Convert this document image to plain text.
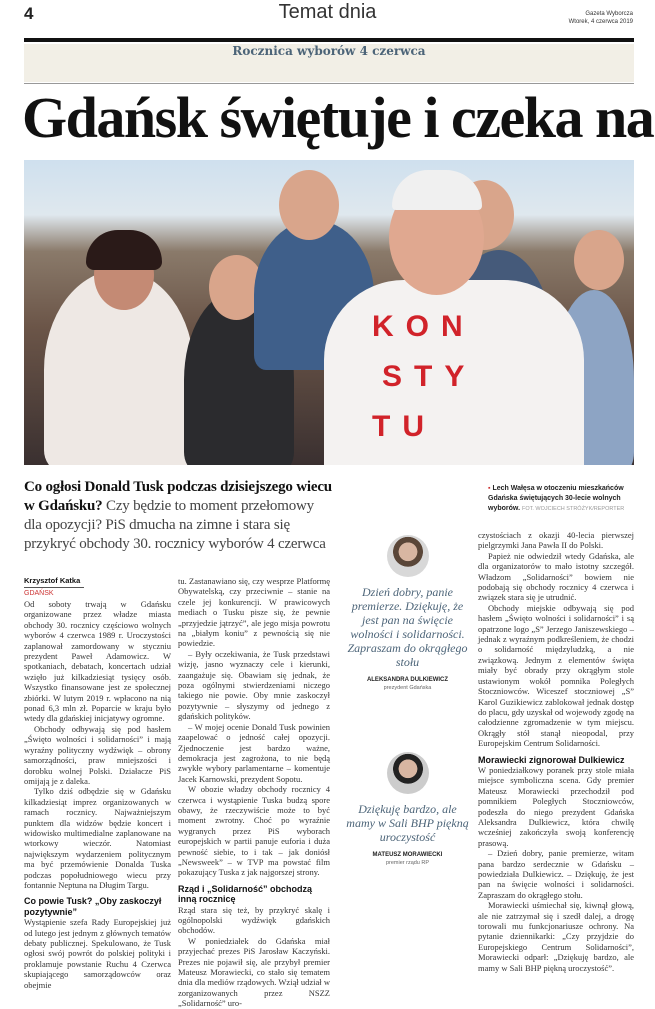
4	Temat dnia	Gazeta Wyborcza
Wtorek, 4 czerwca 2019
Rocznica wyborów 4 czerwca
Gdańsk świętuje i czeka na
KON
STY
TU
Co ogłosi Donald Tusk podczas dzisiejszego wiecu w Gdańsku? Czy będzie to moment przełomowy dla opozycji? PiS dmucha na zimne i stara się przykryć obchody 30. rocznicy wyborów 4 czerwca
▪ Lech Wałęsa w otoczeniu mieszkańców Gdańska świętujących 30-lecie wolnych wyborów. FOT. WOJCIECH STRÓŻYK/REPORTER
Krzysztof Katka
GDAŃSK

Od soboty trwają w Gdańsku organizowane przez władze miasta obchody 30. rocznicy częściowo wolnych wyborów 4 czerwca 1989 r. Uroczystości zaplanował zamordowany w styczniu prezydent Paweł Adamowicz. W spotkaniach, debatach, koncertach udział wzięło już kilkadziesiąt tysięcy osób. Wszystko finansowane jest ze społecznej zbiórki. W lutym 2019 r. wpłacono na nią ponad 6,3 mln zł. Poparcie w kraju było wtedy dla gdańskiej inicjatywy ogromne.

Obchody odbywają się pod hasłem „Święto wolności i solidarności” i mają wyraźny polityczny wydźwięk – obrony samorządności, praw mniejszości i dorobku wolnej Polski. Działacze PiS omijają je z daleka.

Tylko dziś odbędzie się w Gdańsku kilkadziesiąt imprez organizowanych w ramach rocznicy. Najważniejszym punktem dla widzów będzie koncert i widowisko multimedialne zaplanowane na wtorkowy wieczór. Natomiast największym wydarzeniem politycznym ma być przemówienie Donalda Tuska podczas popołudniowego wiecu przy fontannie Neptuna na Długim Targu.

Co powie Tusk? „Oby zaskoczył pozytywnie”

Wystąpienie szefa Rady Europejskiej już od lutego jest jednym z głównych tematów debaty publicznej. Spekulowano, że Tusk ogłosi swój powrót do polskiej polityki i proklamuje powstanie Ruchu 4 Czerwca skupiającego samorządowców oraz obejmie

tu. Zastanawiano się, czy wesprze Platformę Obywatelską, czy przeciwnie – stanie na czele jej konkurencji. W prawicowych mediach o Tusku pisze się, że pewnie „przyjedzie jątrzyć”, ale jego misja powrotu na „białym koniu” z pewnością się nie powiedzie.

– Były oczekiwania, że Tusk przedstawi wizję, jasno wyznaczy cele i kierunki, zaangażuje się. Obawiam się jednak, że poza ogólnymi stwierdzeniami niczego takiego nie powie. Oby mnie zaskoczył pozytywnie – słyszymy od jednego z gdańskich polityków.

– W mojej ocenie Donald Tusk powinien zaapelować o jedność całej opozycji. Zjednoczenie jest bardzo ważne, demokracja jest zagrożona, to nie będą zwykłe wybory parlamentarne – komentuje Jacek Karnowski, prezydent Sopotu.

W obozie władzy obchody rocznicy 4 czerwca i wystąpienie Tuska budzą spore obawy, że rzeczywiście może to być moment zwrotny. Choć po wyraźnie wygranych przez PiS wyborach europejskich w partii panuje euforia i duża pewność siebie, to i tak – jak doniósł „Newsweek” – w TVP ma powstać film pokazujący Tuska z jak najgorszej strony.

Rząd i „Solidarność” obchodzą inną rocznicę

Rząd stara się też, by przykryć skalę i ogólnopolski wydźwięk gdańskich obchodów.

W poniedziałek do Gdańska miał przyjechać prezes PiS Jarosław Kaczyński. Prezes nie pojawił się, ale przybył premier Mateusz Morawiecki, co stało się tematem dnia dla mediów rządowych. Wziął udział w zorganizowanych przez NSZZ „Solidarność” uro-

Dzień dobry, panie premierze. Dziękuję, że jest pan na święcie wolności i solidarności. Zapraszam do okrągłego stołu
ALEKSANDRA DULKIEWICZ
prezydent Gdańska
Dziękuję bardzo, ale mamy w Sali BHP piękną uroczystość
MATEUSZ MORAWIECKI
premier rządu RP

czystościach z okazji 40-lecia pierwszej pielgrzymki Jana Pawła II do Polski.

Papież nie odwiedził wtedy Gdańska, ale dla organizatorów to mało istotny szczegół. Władzom „Solidarności” bowiem nie podobają się obchody rocznicy 4 czerwca i związek stara się je utrudnić.

Obchody miejskie odbywają się pod hasłem „Święto wolności i solidarności” i są opatrzone logo „S” Jerzego Janiszewskiego – jednak z wyraźnym podkreśleniem, że chodzi o solidarność międzyludzką, a nie związkową. Jednym z elementów święta miały być obrady przy okrągłym stole ustawionym wokół pomnika Poległych Stoczniowców. Wiceszef stoczniowej „S” Karol Guzikiewicz zablokował jednak dostęp do placu, gdy uzyskał od wojewody zgodę na całodzienne zgromadzenie w tym miejscu. Okrągły stół stanął nieopodal, przy Europejskim Centrum Solidarności.

Morawiecki zignorował Dulkiewicz

W poniedziałkowy poranek przy stole miała miejsce symboliczna scena. Gdy premier Mateusz Morawiecki przechodził pod pomnikiem Poległych Stoczniowców, podeszła do niego prezydent Gdańska Aleksandra Dulkiewicz, która chwilę wcześniej zakończyła swoją konferencję prasową.

– Dzień dobry, panie premierze, witam pana bardzo serdecznie w Gdańsku – powiedziała Dulkiewicz. – Dziękuję, że jest pan na święcie wolności i solidarności. Zapraszam do okrągłego stołu.

Morawiecki uśmiechał się, kiwnął głową, ale nie zatrzymał się i szedł dalej, a drogę torowali mu funkcjonariusze ochrony. Na pytanie dziennikarki: „Czy przyjdzie do Europejskiego Centrum Solidarności”, Morawiecki odparł: „Dziękuję bardzo, ale mamy w Sali BHP piękną uroczystość”.
